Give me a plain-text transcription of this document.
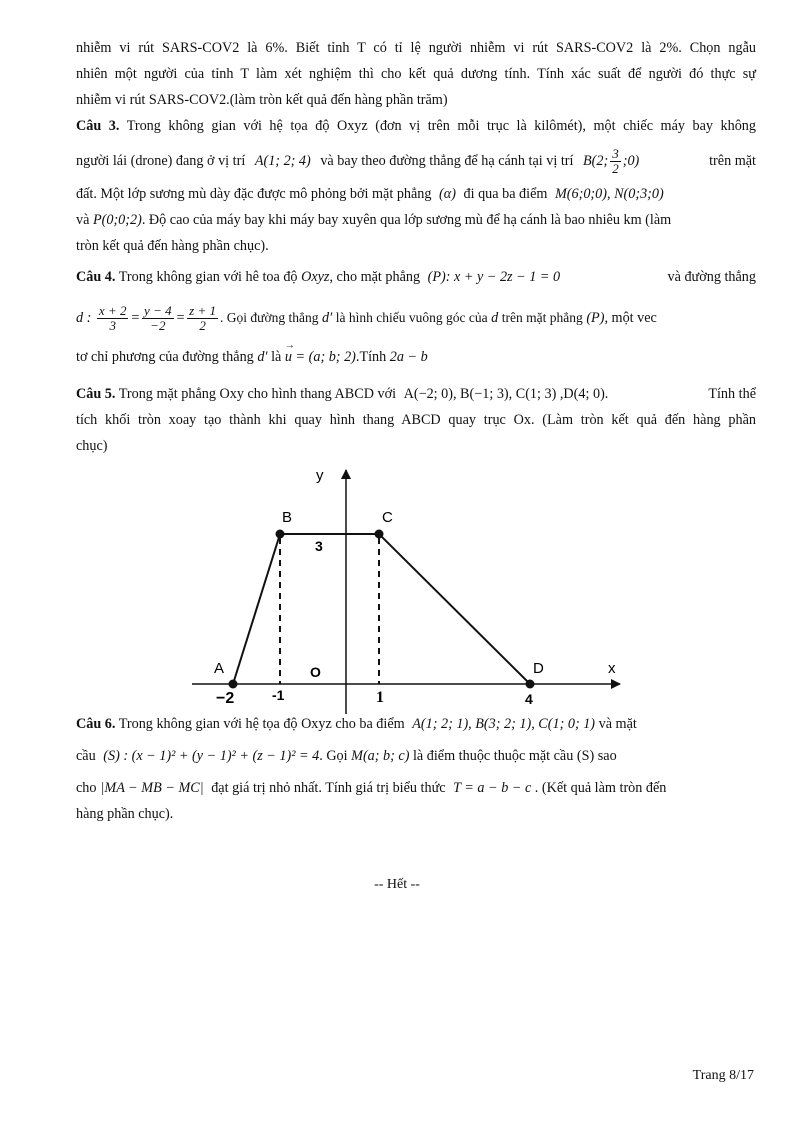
nhiễm vi rút SARS-COV2 là 6%. Biết tỉnh T có tỉ lệ người nhiễm vi rút SARS-COV2 là 2%. Chọn ngẫu
nhiên một người của tỉnh T làm xét nghiệm thì cho kết quả dương tính. Tính xác suất để người đó thực sự
nhiễm vi rút SARS-COV2.(làm tròn kết quả đến hàng phần trăm)
Câu 3. Trong không gian với hệ tọa độ Oxyz (đơn vị trên mỗi trục là kilômét), một chiếc máy bay không
người lái (drone) đang ở vị trí A(1; 2; 4) và bay theo đường thẳng để hạ cánh tại vị trí B(2; $\frac{3}{2}$ ;0)	trên mặt
đất. Một lớp sương mù dày đặc được mô phỏng bởi mặt phẳng (α) đi qua ba điểm M(6;0;0), N(0;3;0)
và P(0;0;2). Độ cao của máy bay khi máy bay xuyên qua lớp sương mù để hạ cánh là bao nhiêu km (làm
tròn kết quả đến hàng phần chục).
Câu 4. Trong không gian với hê toa độ Oxyz, cho mặt phẳng (P): x + y − 2z − 1 = 0	và đường thẳng
d : $\frac{x + 2}{3} = \frac{y - 4}{-2} = \frac{z + 1}{2}$ . Gọi đường thẳng d′ là hình chiếu vuông góc của d trên mặt phẳng (P), một vec
tơ chỉ phương của đường thẳng d′ là → u = (a; b; 2).Tính 2a − b
Câu 5. Trong mặt phẳng Oxy cho hình thang ABCD với A(−2; 0), B(−1; 3), C(1; 3) ,D(4; 0).	Tính thể
tích khối tròn xoay tạo thành khi quay hình thang ABCD quay trục Ox. (Làm tròn kết quả đến hàng phần
chục)
y
x
O
A
B	C
D
3
−2	-1	1	4
Câu 6. Trong không gian với hệ tọa độ Oxyz cho ba điểm A(1; 2; 1), B(3; 2; 1), C(1; 0; 1) và mặt
cầu (S) : (x − 1)² + (y − 1)² + (z − 1)² = 4. Gọi M(a; b; c) là điểm thuộc thuộc mặt cầu (S) sao
cho |MA − MB − MC| đạt giá trị nhỏ nhất. Tính giá trị biểu thức T = a − b − c . (Kết quả làm tròn đến
hàng phần chục).
-- Hết --
Trang 8/17
